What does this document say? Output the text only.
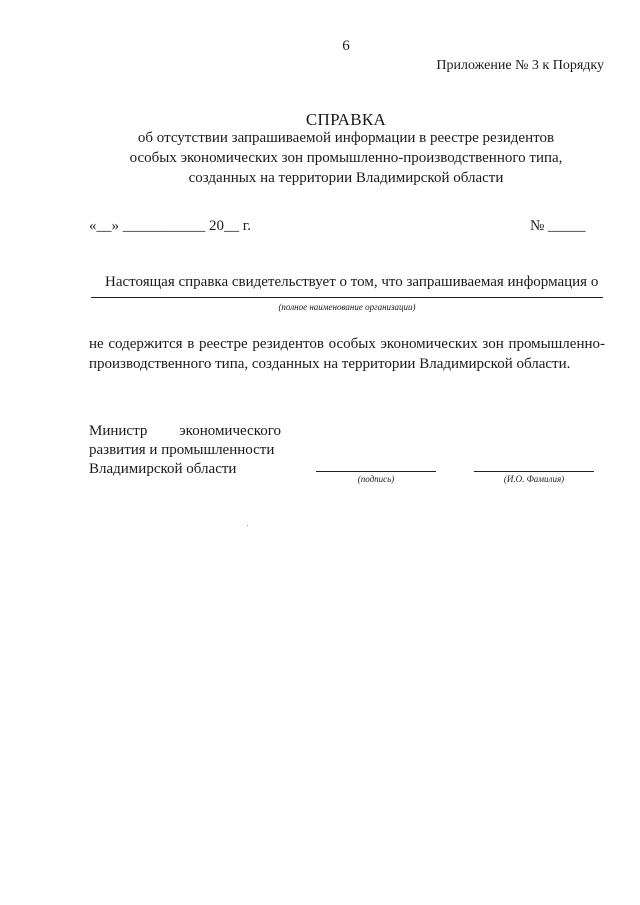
6
Приложение № 3 к Порядку
СПРАВКА
об отсутствии запрашиваемой информации в реестре резидентов
особых экономических зон промышленно-производственного типа,
созданных на территории Владимирской области
«__» ___________ 20__ г.	№ _____
Настоящая справка свидетельствует о том, что запрашиваемая информация о
(полное наименование организации)
не содержится в реестре резидентов особых экономических зон промышленно-производственного типа, созданных на территории Владимирской области.
Министр экономического
развития и промышленности
Владимирской области
(подпись)	(И.О. Фамилия)
